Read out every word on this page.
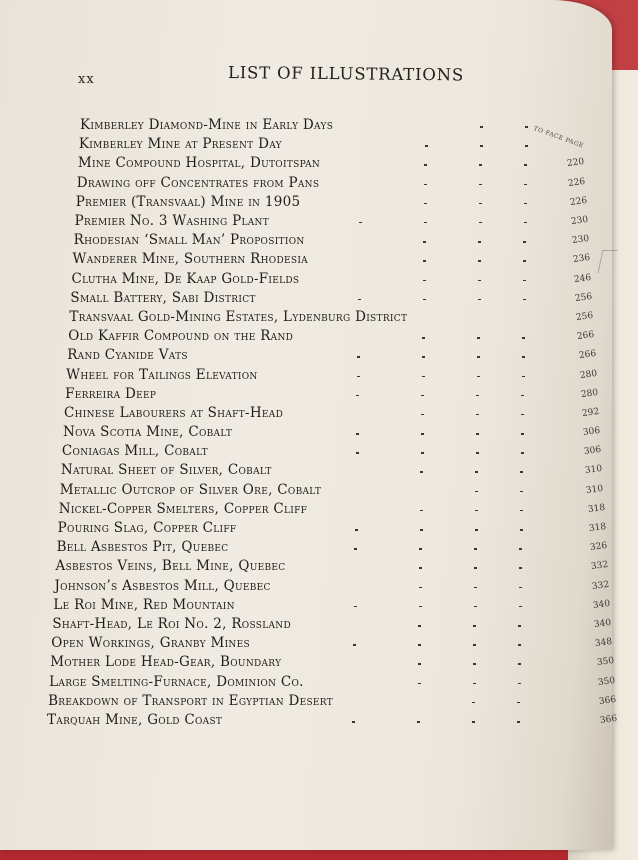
xx	LIST OF ILLUSTRATIONS
TO FACE PAGE
Kimberley Diamond-Mine in Early Days
Kimberley Mine at Present Day
Mine Compound Hospital, Dutoitspan	220
Drawing off Concentrates from Pans	226
Premier (Transvaal) Mine in 1905	226
Premier No. 3 Washing Plant	230
Rhodesian ‘Small Man’ Proposition	230
Wanderer Mine, Southern Rhodesia	236
Clutha Mine, De Kaap Gold-Fields	246
Small Battery, Sabi District	256
Transvaal Gold-Mining Estates, Lydenburg District	256
Old Kaffir Compound on the Rand	266
Rand Cyanide Vats	266
Wheel for Tailings Elevation	280
Ferreira Deep	280
Chinese Labourers at Shaft-Head	292
Nova Scotia Mine, Cobalt	306
Coniagas Mill, Cobalt	306
Natural Sheet of Silver, Cobalt	310
Metallic Outcrop of Silver Ore, Cobalt	310
Nickel-Copper Smelters, Copper Cliff	318
Pouring Slag, Copper Cliff	318
Bell Asbestos Pit, Quebec	326
Asbestos Veins, Bell Mine, Quebec	332
Johnson’s Asbestos Mill, Quebec	332
Le Roi Mine, Red Mountain	340
Shaft-Head, Le Roi No. 2, Rossland	340
Open Workings, Granby Mines	348
Mother Lode Head-Gear, Boundary	350
Large Smelting-Furnace, Dominion Co.	350
Breakdown of Transport in Egyptian Desert	366
Tarquah Mine, Gold Coast	366
